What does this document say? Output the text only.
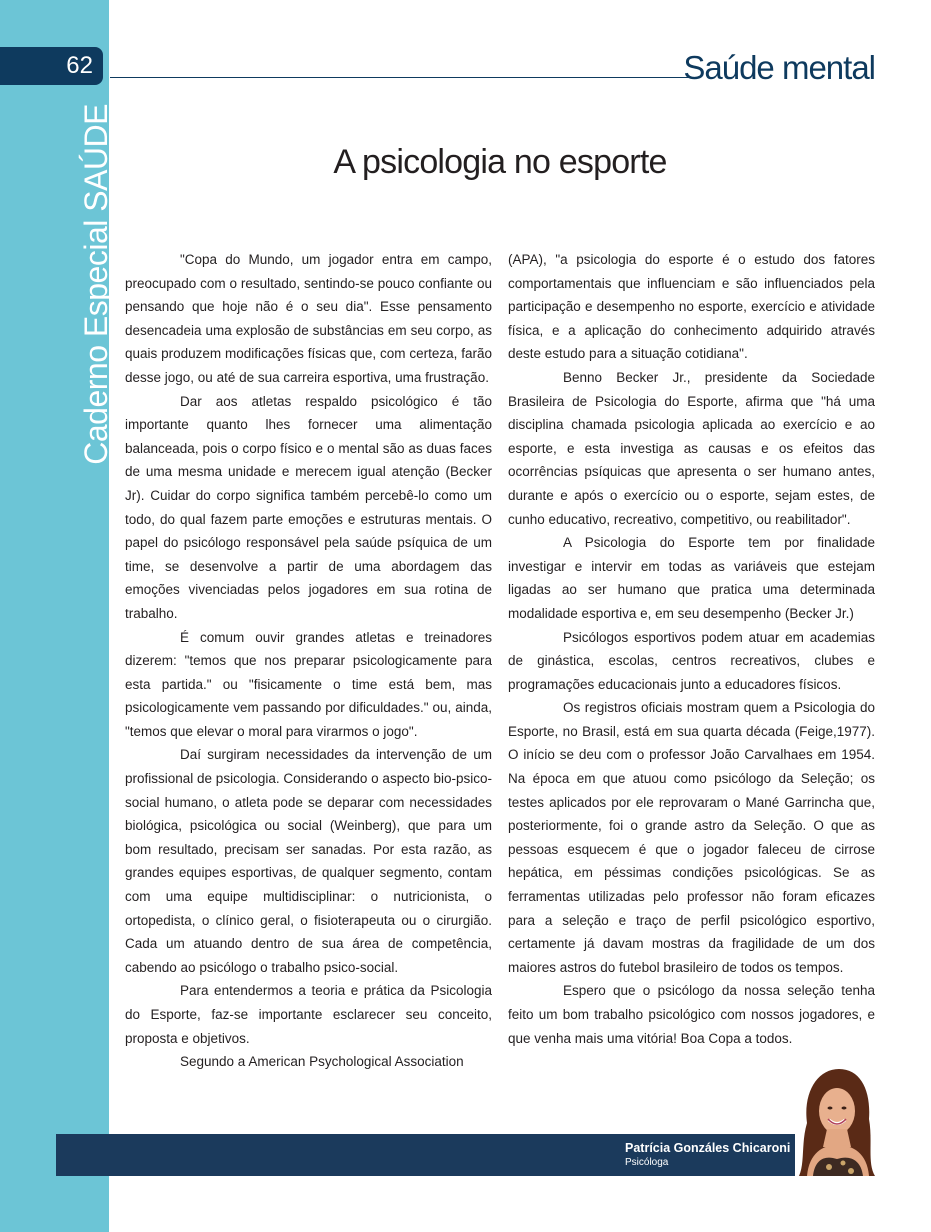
62
Caderno Especial SAÚDE
Saúde mental
A psicologia no esporte

"Copa do Mundo, um jogador entra em campo, preocupado com o resultado, sentindo-se pouco confiante ou pensando que hoje não é o seu dia". Esse pensamento desencadeia uma explosão de substâncias em seu corpo, as quais produzem modificações físicas que, com certeza, farão desse jogo, ou até de sua carreira esportiva, uma frustração.

Dar aos atletas respaldo psicológico é tão importante quanto lhes fornecer uma alimentação balanceada, pois o corpo físico e o mental são as duas faces de uma mesma unidade e merecem igual atenção (Becker Jr). Cuidar do corpo significa também percebê-lo como um todo, do qual fazem parte emoções e estruturas mentais. O papel do psicólogo responsável pela saúde psíquica de um time, se desenvolve a partir de uma abordagem das emoções vivenciadas pelos jogadores em sua rotina de trabalho.

É comum ouvir grandes atletas e treinadores dizerem: "temos que nos preparar psicologicamente para esta partida." ou "fisicamente o time está bem, mas psicologicamente vem passando por dificuldades." ou, ainda, "temos que elevar o moral para virarmos o jogo".

Daí surgiram necessidades da intervenção de um profissional de psicologia. Considerando o aspecto bio-psico-social humano, o atleta pode se deparar com necessidades biológica, psicológica ou social (Weinberg), que para um bom resultado, precisam ser sanadas. Por esta razão, as grandes equipes esportivas, de qualquer segmento, contam com uma equipe multidisciplinar: o nutricionista, o ortopedista, o clínico geral, o fisioterapeuta ou o cirurgião. Cada um atuando dentro de sua área de competência, cabendo ao psicólogo o trabalho psico-social.

Para entendermos a teoria e prática da Psicologia do Esporte, faz-se importante esclarecer seu conceito, proposta e objetivos.

Segundo a American Psychological Association

(APA), "a psicologia do esporte é o estudo dos fatores comportamentais que influenciam e são influenciados pela participação e desempenho no esporte, exercício e atividade física, e a aplicação do conhecimento adquirido através deste estudo para a situação cotidiana".

Benno Becker Jr., presidente da Sociedade Brasileira de Psicologia do Esporte, afirma que "há uma disciplina chamada psicologia aplicada ao exercício e ao esporte, e esta investiga as causas e os efeitos das ocorrências psíquicas que apresenta o ser humano antes, durante e após o exercício ou o esporte, sejam estes, de cunho educativo, recreativo, competitivo, ou reabilitador".

A Psicologia do Esporte tem por finalidade investigar e intervir em todas as variáveis que estejam ligadas ao ser humano que pratica uma determinada modalidade esportiva e, em seu desempenho (Becker Jr.)

Psicólogos esportivos podem atuar em academias de ginástica, escolas, centros recreativos, clubes e programações educacionais junto a educadores físicos.

Os registros oficiais mostram quem a Psicologia do Esporte, no Brasil, está em sua quarta década (Feige,1977). O início se deu com o professor João Carvalhaes em 1954. Na época em que atuou como psicólogo da Seleção; os testes aplicados por ele reprovaram o Mané Garrincha que, posteriormente, foi o grande astro da Seleção. O que as pessoas esquecem é que o jogador faleceu de cirrose hepática, em péssimas condições psicológicas. Se as ferramentas utilizadas pelo professor não foram eficazes para a seleção e traço de perfil psicológico esportivo, certamente já davam mostras da fragilidade de um dos maiores astros do futebol brasileiro de todos os tempos.

Espero que o psicólogo da nossa seleção tenha feito um bom trabalho psicológico com nossos jogadores, e que venha mais uma vitória! Boa Copa a todos.

Patrícia Gonzáles Chicaroni
Psicóloga
